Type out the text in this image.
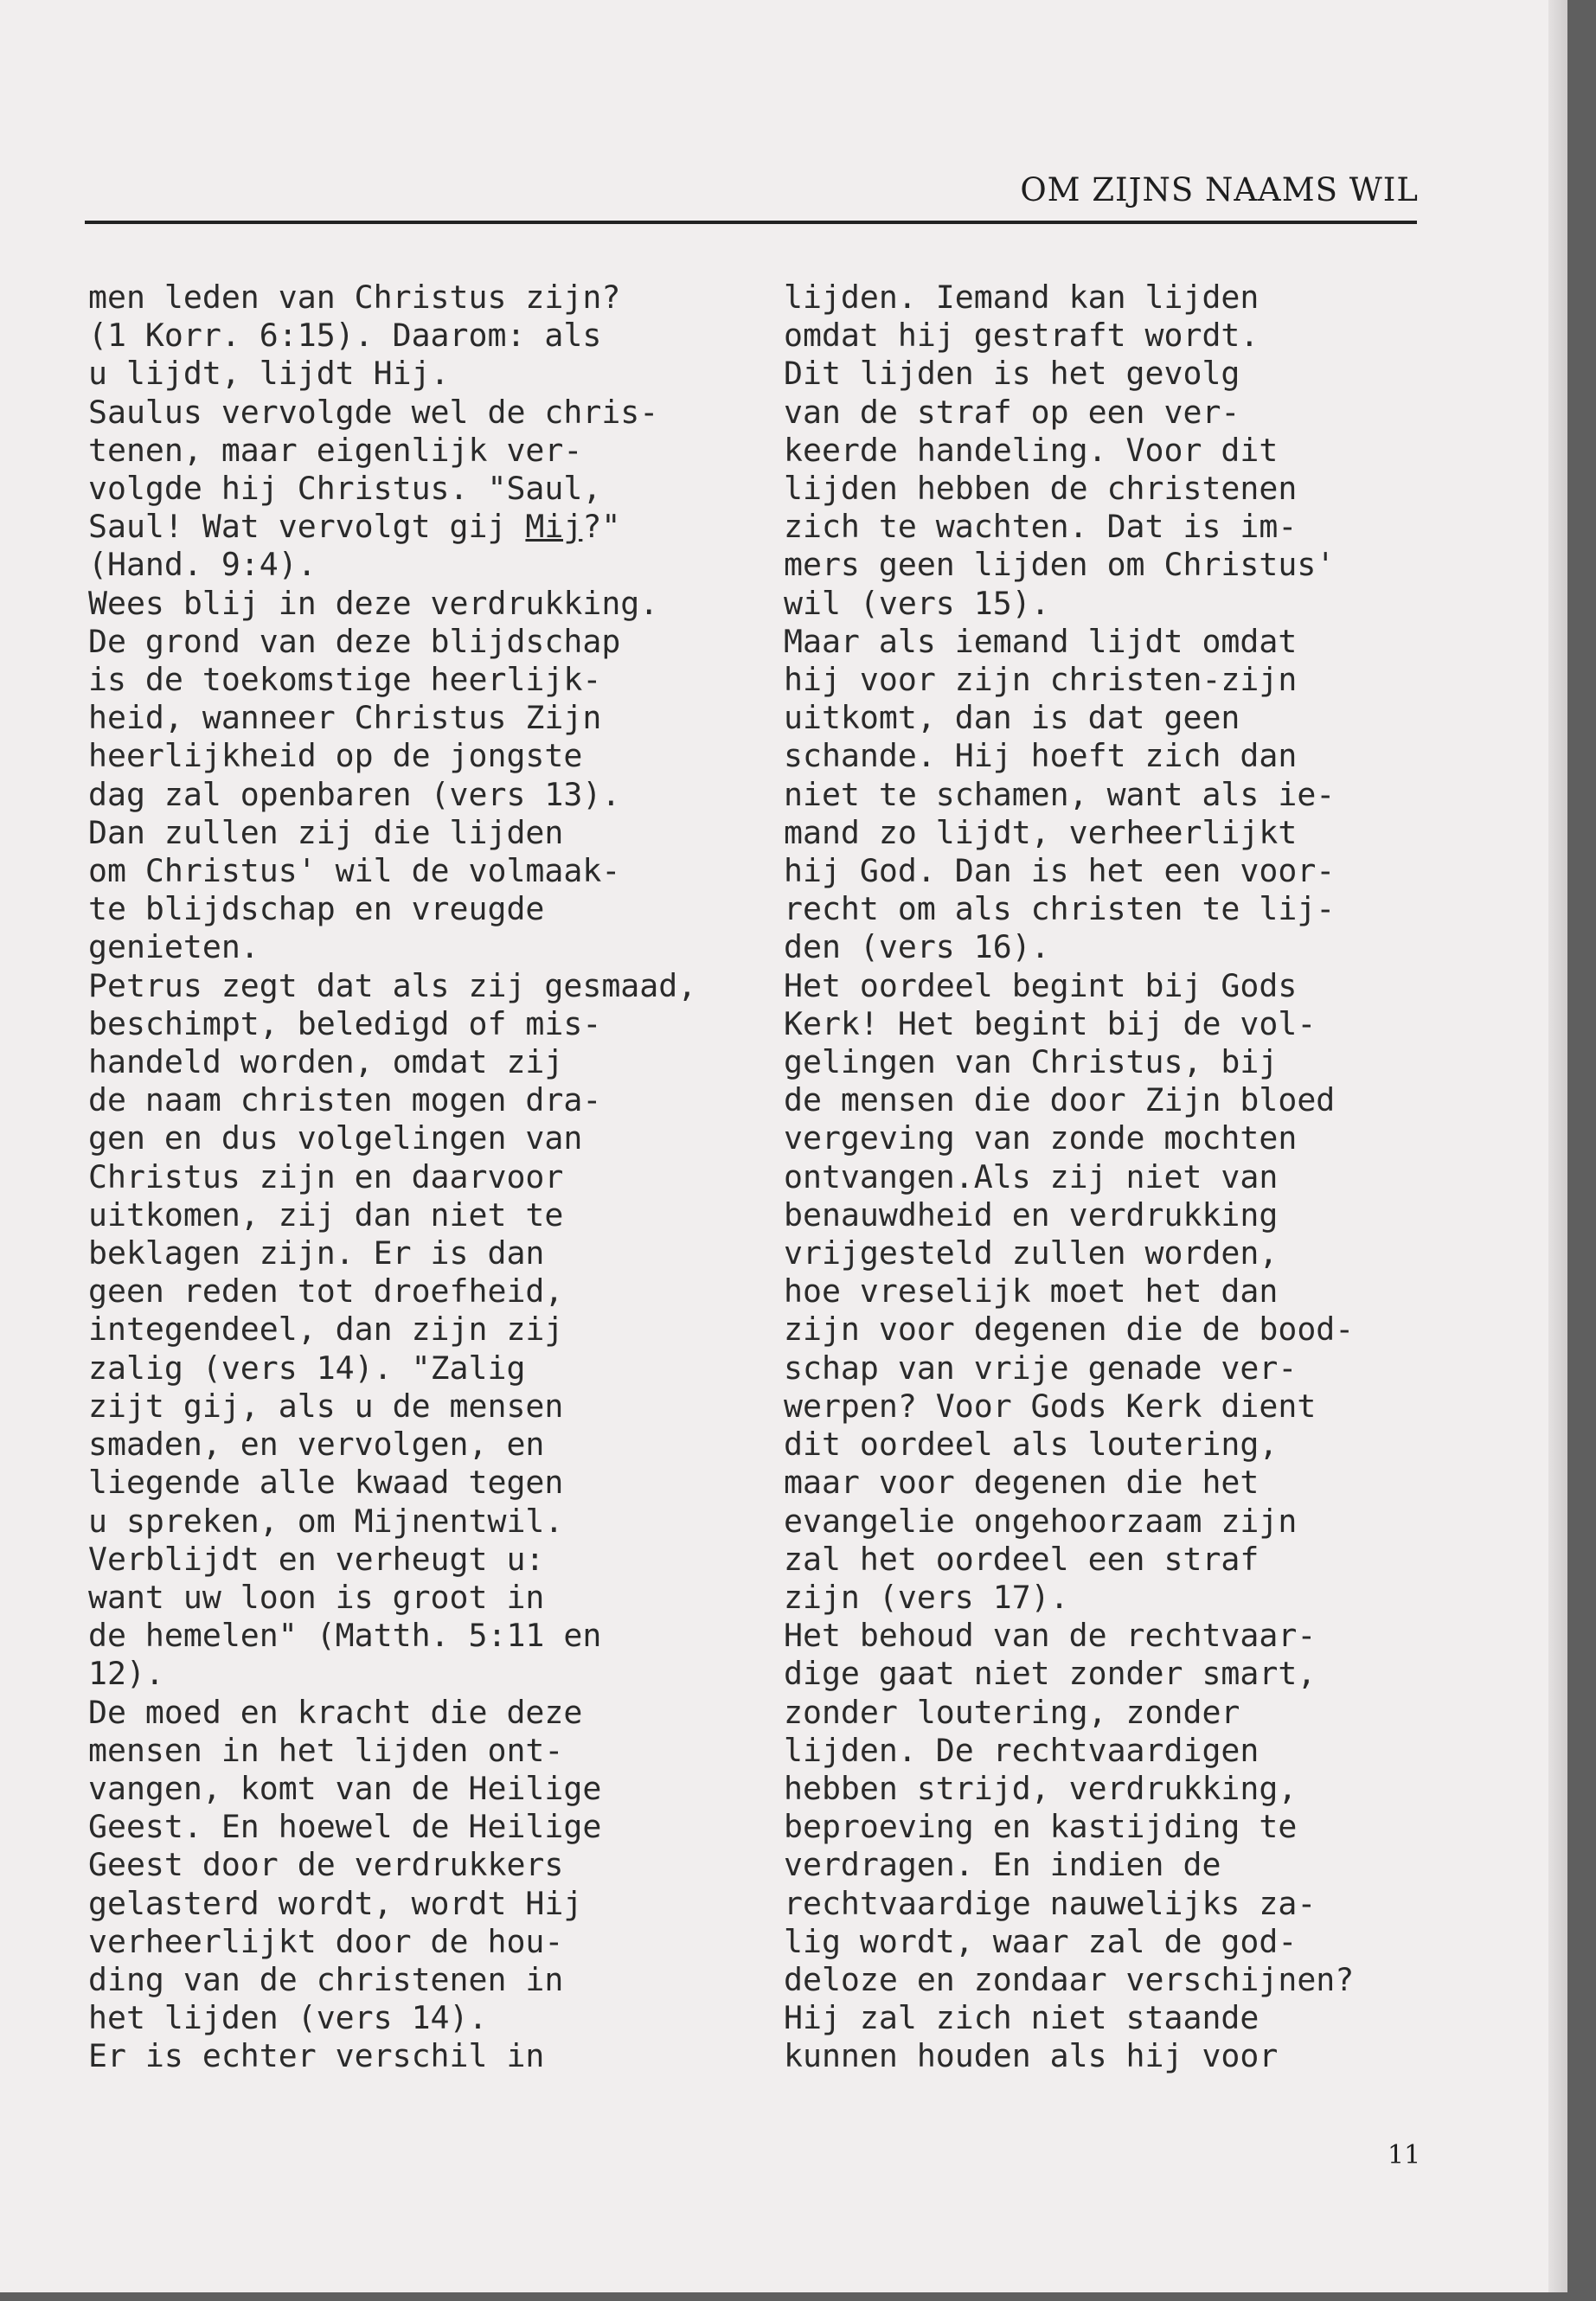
OM ZIJNS NAAMS WIL

men leden van Christus zijn?

(1 Korr. 6:15). Daarom: als

u lijdt, lijdt Hij.

Saulus vervolgde wel de chris-

tenen, maar eigenlijk ver-

volgde hij Christus. "Saul,

Saul! Wat vervolgt gij Mij?"

(Hand. 9:4).

Wees blij in deze verdrukking.

De grond van deze blijdschap

is de toekomstige heerlijk-

heid, wanneer Christus Zijn

heerlijkheid op de jongste

dag zal openbaren (vers 13).

Dan zullen zij die lijden

om Christus' wil de volmaak-

te blijdschap en vreugde

genieten.

Petrus zegt dat als zij gesmaad,

beschimpt, beledigd of mis-

handeld worden, omdat zij

de naam christen mogen dra-

gen en dus volgelingen van

Christus zijn en daarvoor

uitkomen, zij dan niet te

beklagen zijn. Er is dan

geen reden tot droefheid,

integendeel, dan zijn zij

zalig (vers 14). "Zalig

zijt gij, als u de mensen

smaden, en vervolgen, en

liegende alle kwaad tegen

u spreken, om Mijnentwil.

Verblijdt en verheugt u:

want uw loon is groot in

de hemelen" (Matth. 5:11 en

12).

De moed en kracht die deze

mensen in het lijden ont-

vangen, komt van de Heilige

Geest. En hoewel de Heilige

Geest door de verdrukkers

gelasterd wordt, wordt Hij

verheerlijkt door de hou-

ding van de christenen in

het lijden (vers 14).

Er is echter verschil in

lijden. Iemand kan lijden

omdat hij gestraft wordt.

Dit lijden is het gevolg

van de straf op een ver-

keerde handeling. Voor dit

lijden hebben de christenen

zich te wachten. Dat is im-

mers geen lijden om Christus'

wil (vers 15).

Maar als iemand lijdt omdat

hij voor zijn christen-zijn

uitkomt, dan is dat geen

schande. Hij hoeft zich dan

niet te schamen, want als ie-

mand zo lijdt, verheerlijkt

hij God. Dan is het een voor-

recht om als christen te lij-

den (vers 16).

Het oordeel begint bij Gods

Kerk! Het begint bij de vol-

gelingen van Christus, bij

de mensen die door Zijn bloed

vergeving van zonde mochten

ontvangen.Als zij niet van

benauwdheid en verdrukking

vrijgesteld zullen worden,

hoe vreselijk moet het dan

zijn voor degenen die de bood-

schap van vrije genade ver-

werpen? Voor Gods Kerk dient

dit oordeel als loutering,

maar voor degenen die het

evangelie ongehoorzaam zijn

zal het oordeel een straf

zijn (vers 17).

Het behoud van de rechtvaar-

dige gaat niet zonder smart,

zonder loutering, zonder

lijden. De rechtvaardigen

hebben strijd, verdrukking,

beproeving en kastijding te

verdragen. En indien de

rechtvaardige nauwelijks za-

lig wordt, waar zal de god-

deloze en zondaar verschijnen?

Hij zal zich niet staande

kunnen houden als hij voor

11
